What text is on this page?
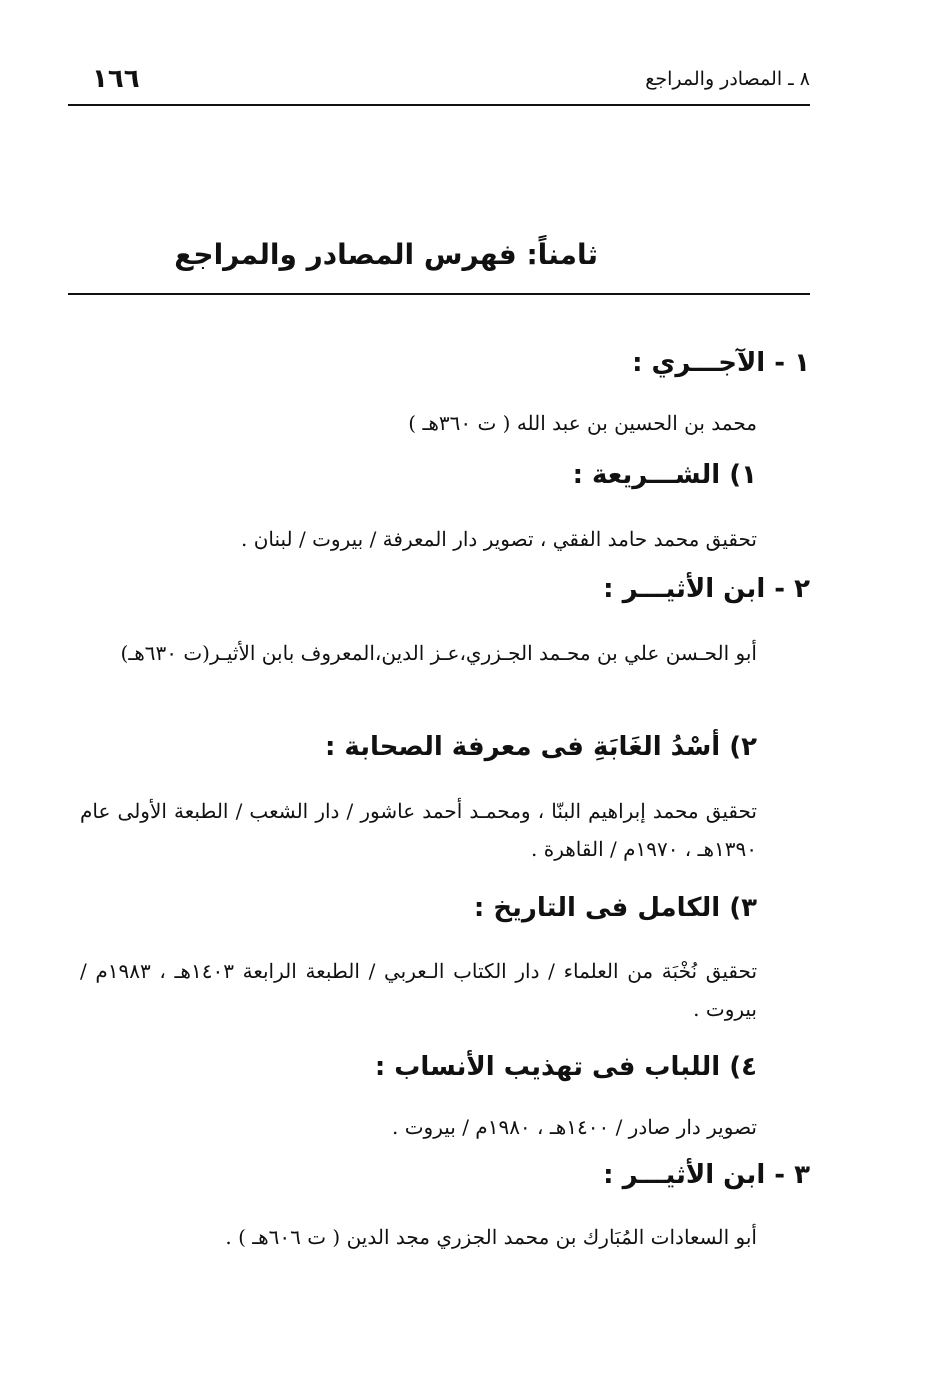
٨ ـ المصادر والمراجع
١٦٦
ثامناً: فهرس المصادر والمراجع
١ - الآجـــري :
محمد بن الحسين بن عبد الله ( ت ٣٦٠هـ )
١) الشـــريعة :
تحقيق محمد حامد الفقي ، تصوير دار المعرفة / بيروت / لبنان .
٢ - ابن الأثيـــر :
أبو الحـسن علي بن محـمد الجـزري،عـز الدين،المعروف بابن الأثيـر(ت ٦٣٠هـ)
٢) أسْدُ الغَابَةِ فى معرفة الصحابة :
تحقيق محمد إبراهيم البنّا ، ومحمـد أحمد عاشور / دار الشعب / الطبعة الأولى عام ١٣٩٠هـ ، ١٩٧٠م / القاهرة .
٣) الكامل فى التاريخ :
تحقيق نُخْبَة من العلماء / دار الكتاب الـعربي / الطبعة الرابعة ١٤٠٣هـ ، ١٩٨٣م / بيروت .
٤) اللباب فى تهذيب الأنساب :
تصوير دار صادر / ١٤٠٠هـ ، ١٩٨٠م / بيروت .
٣ - ابن الأثيـــر :
أبو السعادات المُبَارك بن محمد الجزري مجد الدين ( ت ٦٠٦هـ ) .
